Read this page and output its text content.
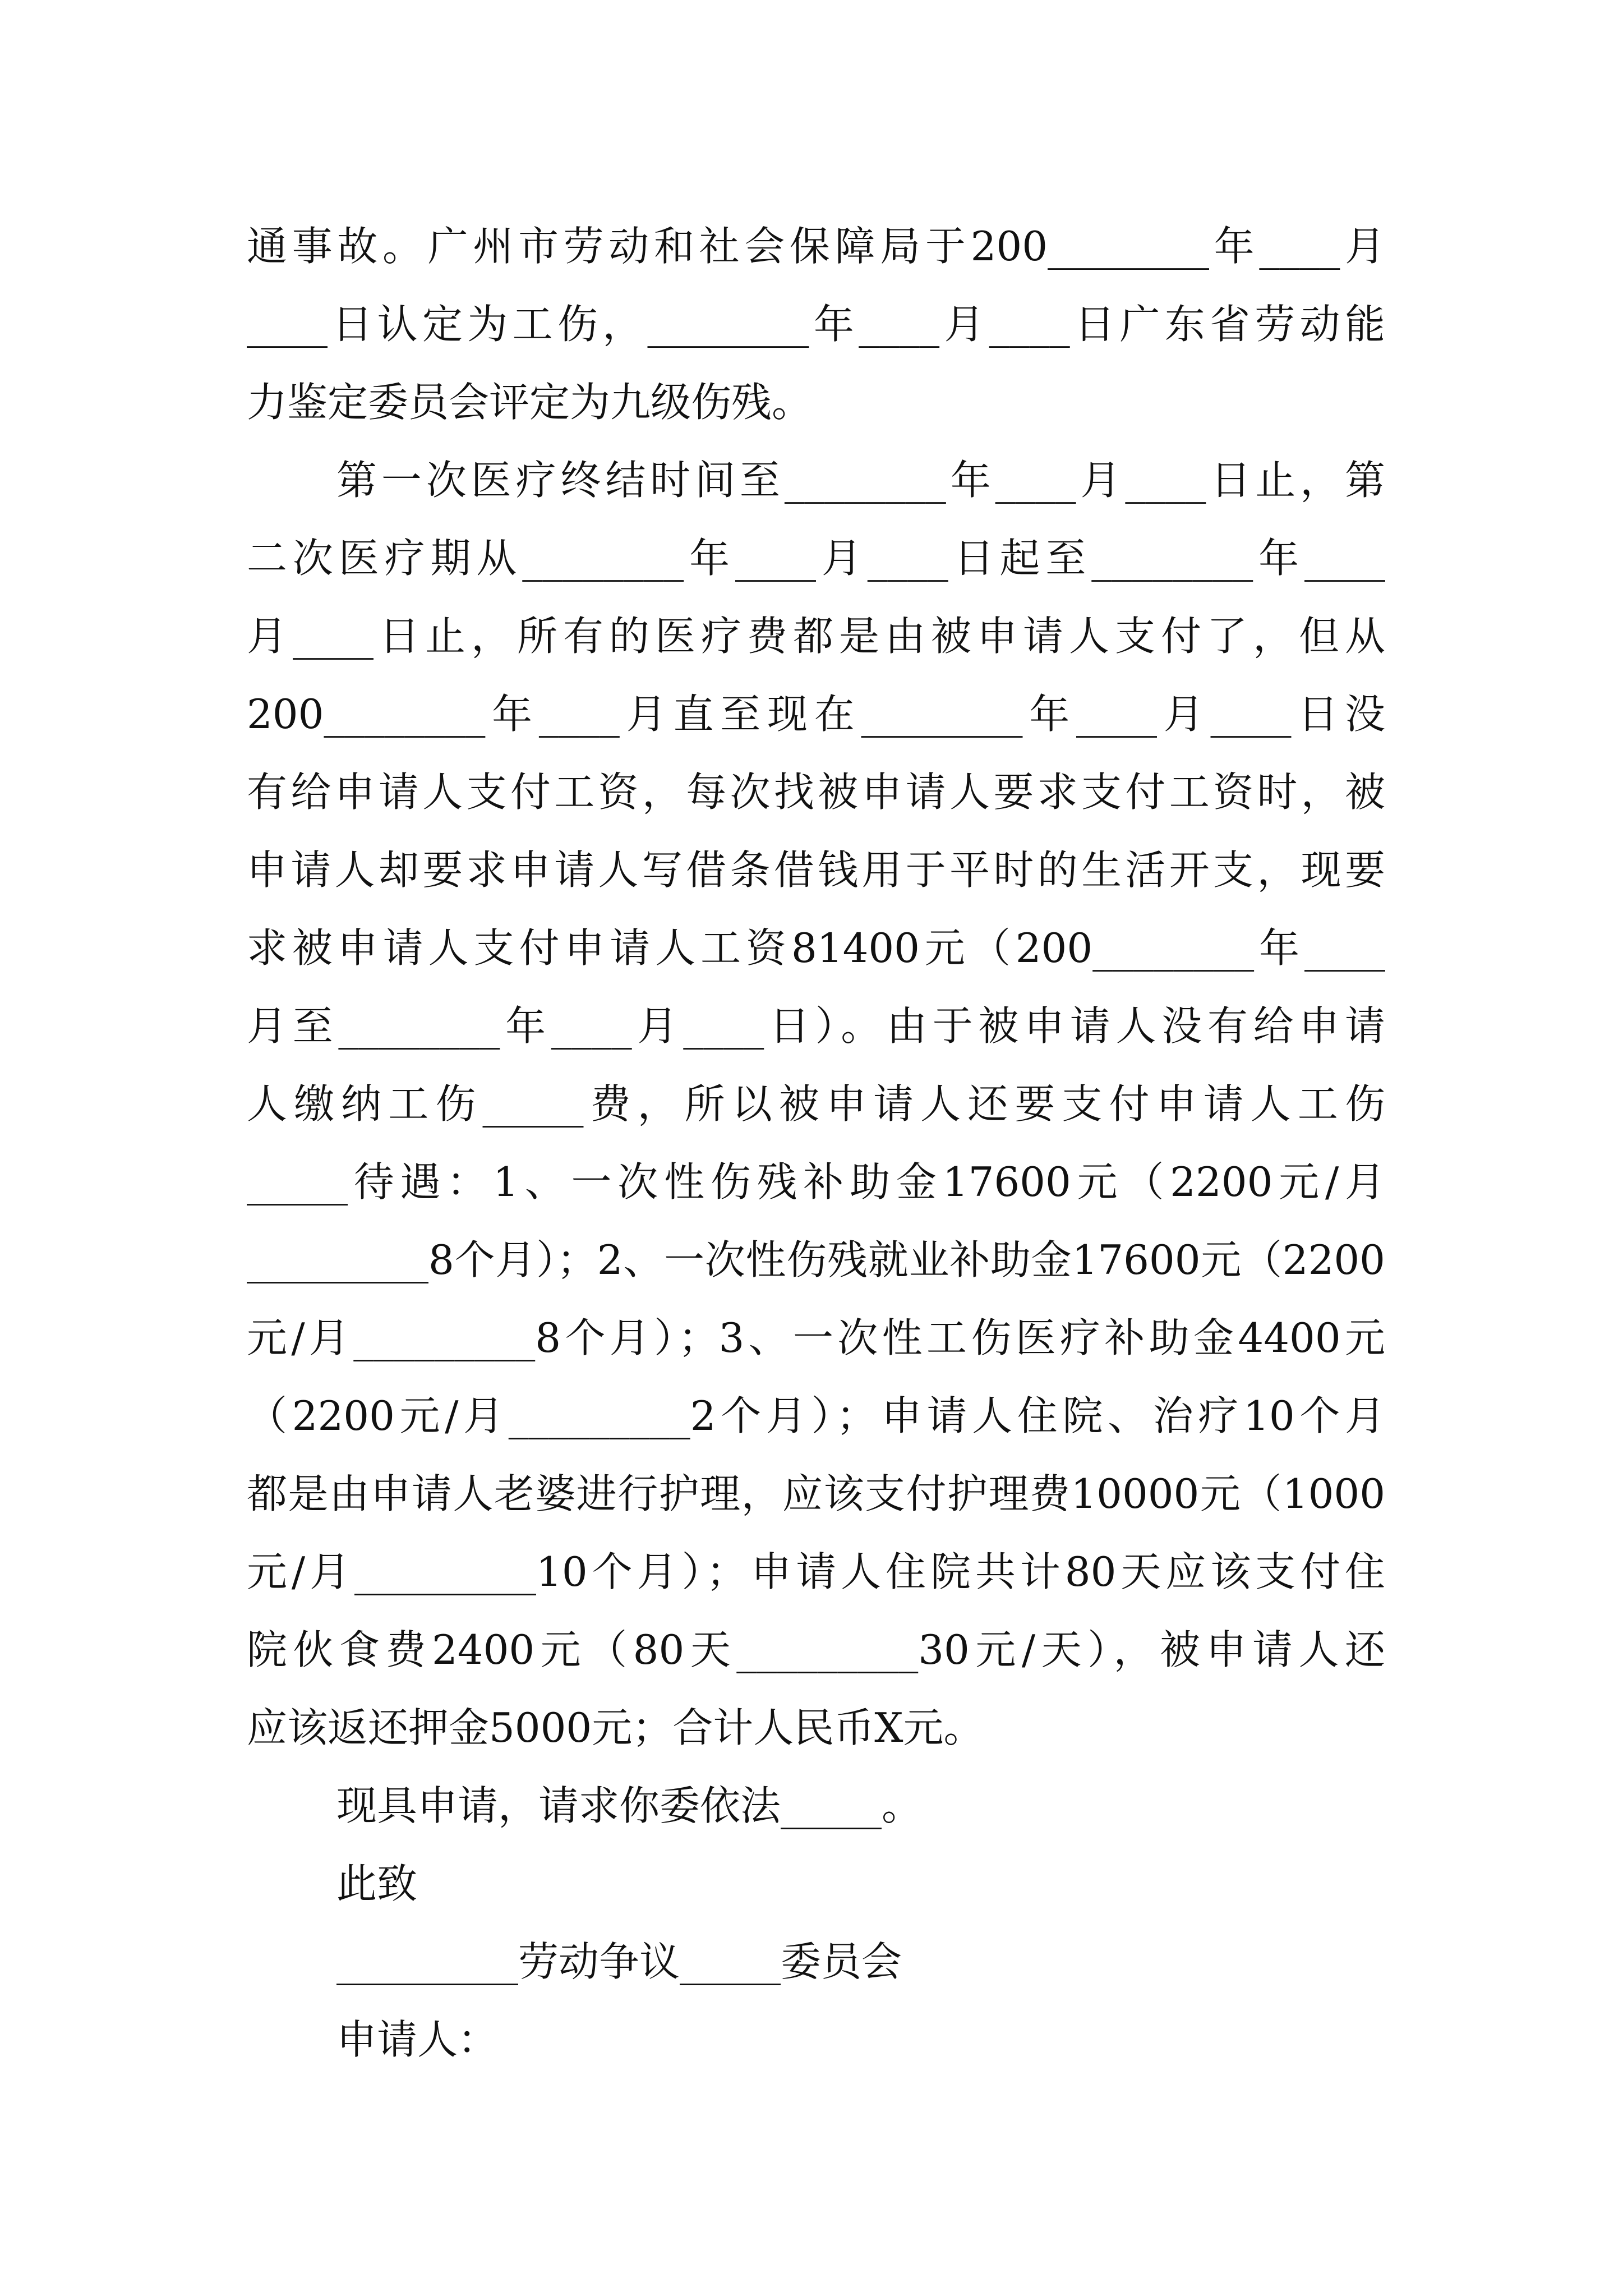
通事故。广州市劳动和社会保障局于200________年____月
____日认定为工伤，________年____月____日广东省劳动能
力鉴定委员会评定为九级伤残。
第一次医疗终结时间至________年____月____日止，第
二次医疗期从________年____月____日起至________年____
月____日止，所有的医疗费都是由被申请人支付了，但从
200________年____月直至现在________年____月____日没
有给申请人支付工资，每次找被申请人要求支付工资时，被
申请人却要求申请人写借条借钱用于平时的生活开支，现要
求被申请人支付申请人工资81400元（200________年____
月至________年____月____日）。由于被申请人没有给申请
人缴纳工伤_____费，所以被申请人还要支付申请人工伤
_____待遇：1、一次性伤残补助金17600元（2200元/月
_________8个月）；2、一次性伤残就业补助金17600元（2200
元/月_________8个月）；3、一次性工伤医疗补助金4400元
（2200元/月_________2个月）；申请人住院、治疗10个月
都是由申请人老婆进行护理，应该支付护理费10000元（1000
元/月_________10个月）；申请人住院共计80天应该支付住
院伙食费2400元（80天_________30元/天），被申请人还
应该返还押金5000元；合计人民币X元。
现具申请，请求你委依法_____。
此致
_________劳动争议_____委员会
申请人：
